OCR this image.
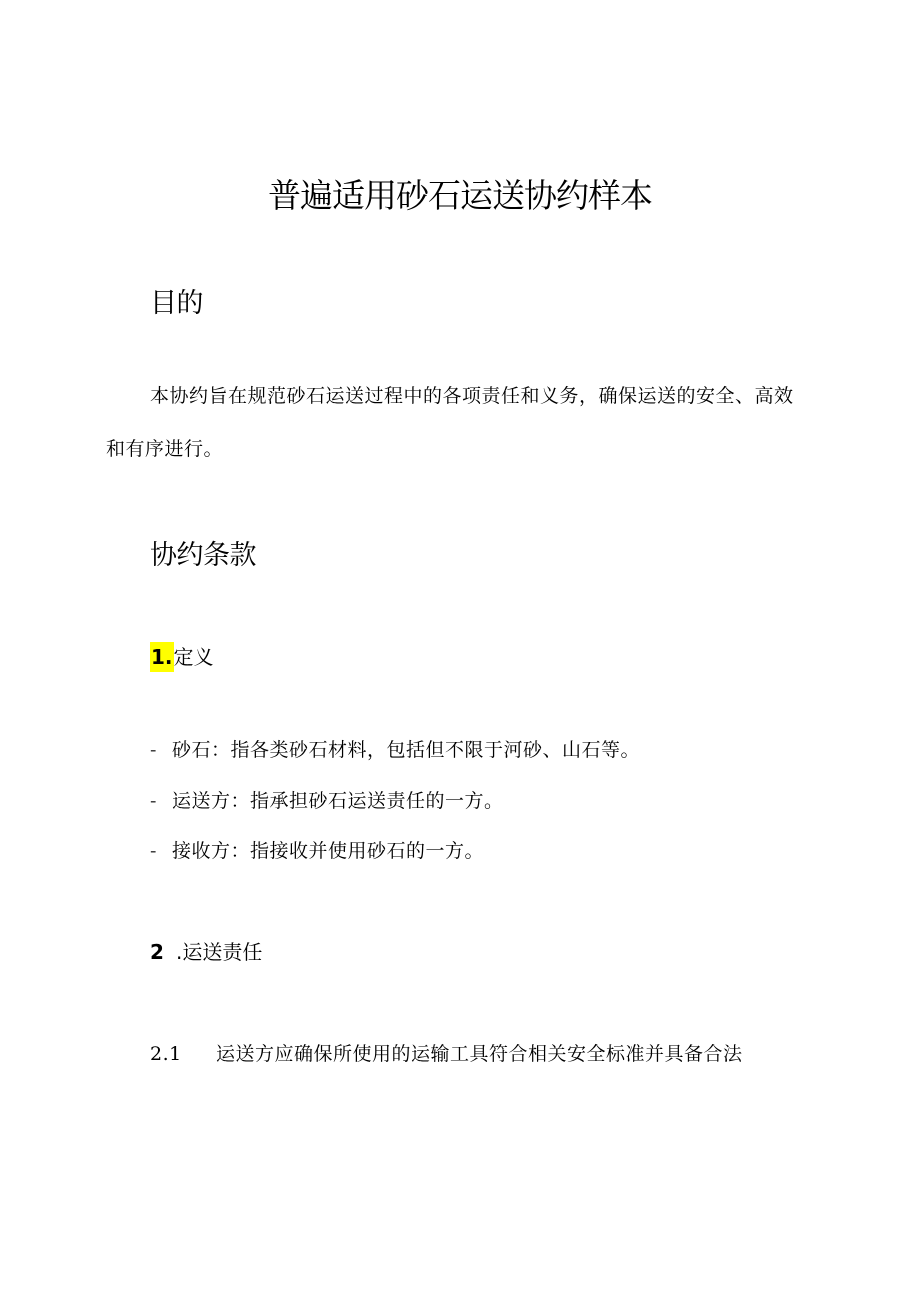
普遍适用砂石运送协约样本
目的
本协约旨在规范砂石运送过程中的各项责任和义务，确保运送的安全、高效和有序进行。
协约条款
1.定义
- 砂石：指各类砂石材料，包括但不限于河砂、山石等。
- 运送方：指承担砂石运送责任的一方。
- 接收方：指接收并使用砂石的一方。
2 .运送责任
2.1 运送方应确保所使用的运输工具符合相关安全标准并具备合法
